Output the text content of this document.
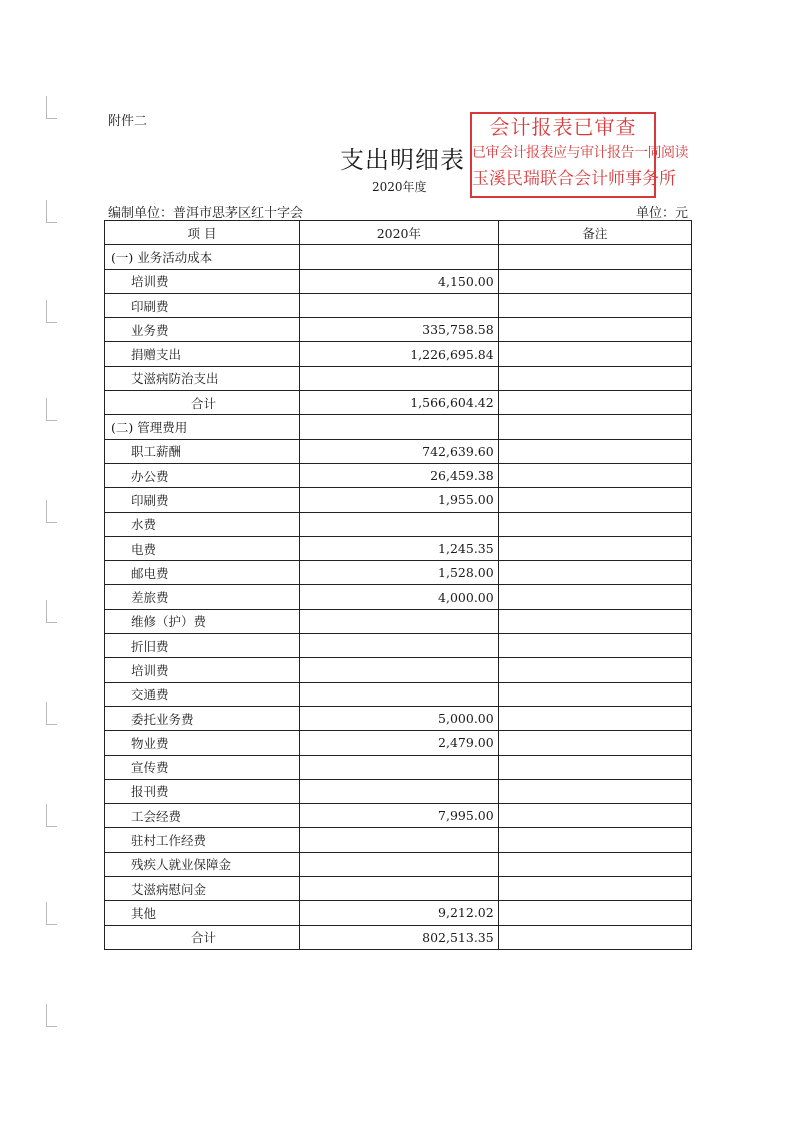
附件二
支出明细表
2020年度
编制单位：普洱市思茅区红十字会	单位：元
会计报表已审查
已审会计报表应与审计报告一同阅读
玉溪民瑞联合会计师事务所
项 目	2020年	备注
(一) 业务活动成本		
培训费	4,150.00	
印刷费		
业务费	335,758.58	
捐赠支出	1,226,695.84	
艾滋病防治支出		
合计	1,566,604.42	
(二) 管理费用		
职工薪酬	742,639.60	
办公费	26,459.38	
印刷费	1,955.00	
水费		
电费	1,245.35	
邮电费	1,528.00	
差旅费	4,000.00	
维修（护）费		
折旧费		
培训费		
交通费		
委托业务费	5,000.00	
物业费	2,479.00	
宣传费		
报刊费		
工会经费	7,995.00	
驻村工作经费		
残疾人就业保障金		
艾滋病慰问金		
其他	9,212.02	
合计	802,513.35	
